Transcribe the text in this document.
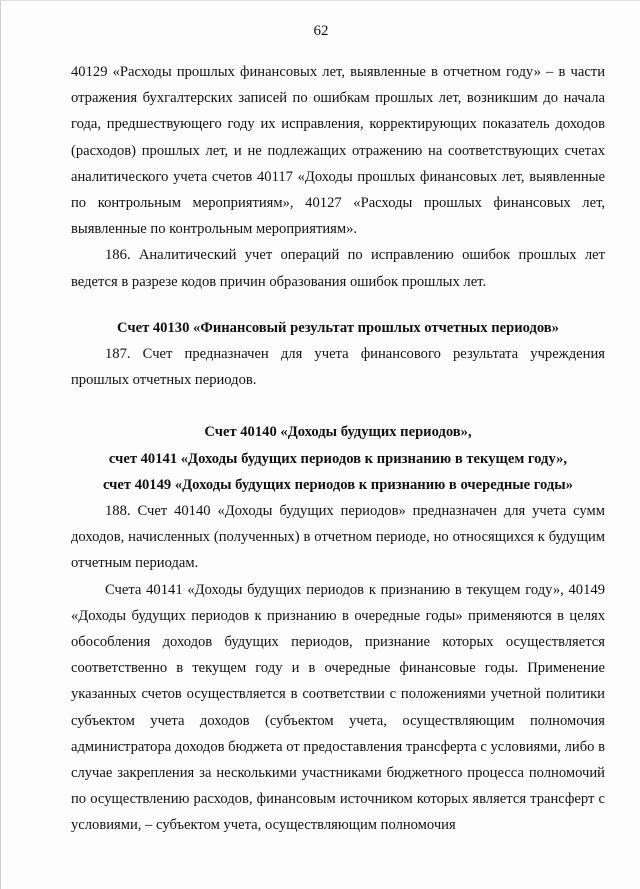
62

40129 «Расходы прошлых финансовых лет, выявленные в отчетном году» – в части отражения бухгалтерских записей по ошибкам прошлых лет, возникшим до начала года, предшествующего году их исправления, корректирующих показатель доходов (расходов) прошлых лет, и не подлежащих отражению на соответствующих счетах аналитического учета счетов 40117 «Доходы прошлых финансовых лет, выявленные по контрольным мероприятиям», 40127 «Расходы прошлых финансовых лет, выявленные по контрольным мероприятиям».

186. Аналитический учет операций по исправлению ошибок прошлых лет ведется в разрезе кодов причин образования ошибок прошлых лет.

Счет 40130 «Финансовый результат прошлых отчетных периодов»

187. Счет предназначен для учета финансового результата учреждения прошлых отчетных периодов.

Счет 40140 «Доходы будущих периодов»,
счет 40141 «Доходы будущих периодов к признанию в текущем году»,
счет 40149 «Доходы будущих периодов к признанию в очередные годы»

188. Счет 40140 «Доходы будущих периодов» предназначен для учета сумм доходов, начисленных (полученных) в отчетном периоде, но относящихся к будущим отчетным периодам.

Счета 40141 «Доходы будущих периодов к признанию в текущем году», 40149 «Доходы будущих периодов к признанию в очередные годы» применяются в целях обособления доходов будущих периодов, признание которых осуществляется соответственно в текущем году и в очередные финансовые годы. Применение указанных счетов осуществляется в соответствии с положениями учетной политики субъектом учета доходов (субъектом учета, осуществляющим полномочия администратора доходов бюджета от предоставления трансферта с условиями, либо в случае закрепления за несколькими участниками бюджетного процесса полномочий по осуществлению расходов, финансовым источником которых является трансферт с условиями, – субъектом учета, осуществляющим полномочия
